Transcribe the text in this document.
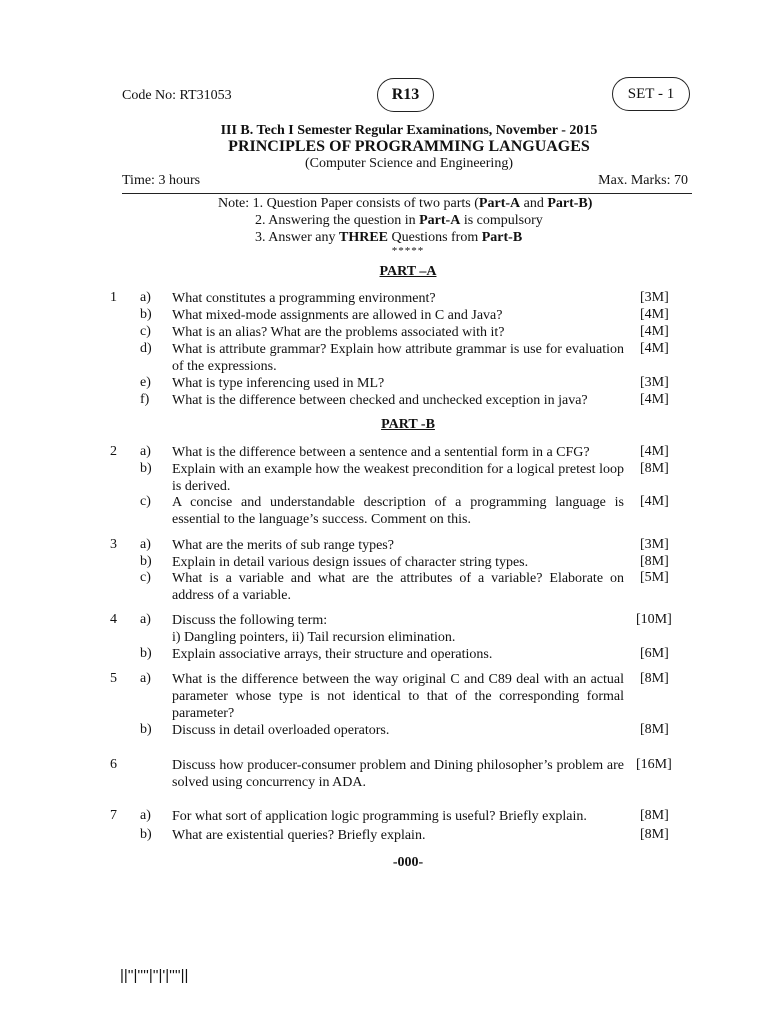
Code No: RT31053	R13	SET - 1
III B. Tech I Semester Regular Examinations, November - 2015
PRINCIPLES OF PROGRAMMING LANGUAGES
(Computer Science and Engineering)
Time: 3 hours	Max. Marks: 70
Note: 1. Question Paper consists of two parts (Part-A and Part-B)
2. Answering the question in Part-A is compulsory
3. Answer any THREE Questions from Part-B
*****
PART –A
1 a) What constitutes a programming environment?	[3M]
b) What mixed-mode assignments are allowed in C and Java?	[4M]
c) What is an alias? What are the problems associated with it?	[4M]
d) What is attribute grammar? Explain how attribute grammar is use for evaluation of the expressions.
[4M]
e) What is type inferencing used in ML?	[3M]
f) What is the difference between checked and unchecked exception in java?	[4M]
PART -B
2 a) What is the difference between a sentence and a sentential form in a CFG?	[4M]
b) Explain with an example how the weakest precondition for a logical pretest loop is derived.
[8M]
c) A concise and understandable description of a programming language is essential to the language’s success. Comment on this.
[4M]
3 a) What are the merits of sub range types?	[3M]
b) Explain in detail various design issues of character string types.	[8M]
c) What is a variable and what are the attributes of a variable? Elaborate on address of a variable.
[5M]
4 a) Discuss the following term:
i) Dangling pointers, ii) Tail recursion elimination.
[10M]
b) Explain associative arrays, their structure and operations.	[6M]
5 a) What is the difference between the way original C and C89 deal with an actual parameter whose type is not identical to that of the corresponding formal parameter?
[8M]
b) Discuss in detail overloaded operators.	[8M]
6	Discuss how producer-consumer problem and Dining philosopher’s problem are solved using concurrency in ADA.
[16M]
7 a) For what sort of application logic programming is useful? Briefly explain.	[8M]
b) What are existential queries? Briefly explain.	[8M]
-000-
||''|''''|''|'|''''||
